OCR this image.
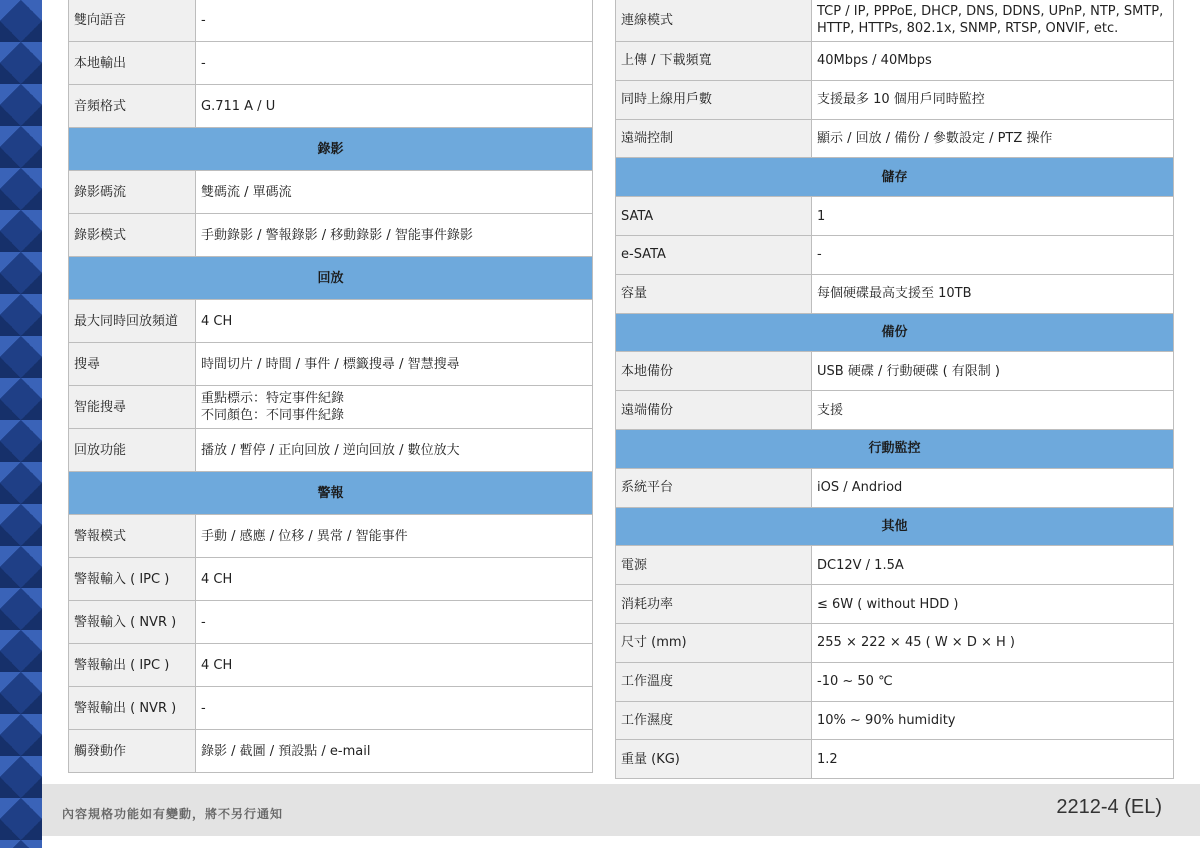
雙向語音	-

本地輸出	-

音頻格式	G.711 A / U

錄影	
錄影碼流	雙碼流 / 單碼流

錄影模式	手動錄影 / 警報錄影 / 移動錄影 / 智能事件錄影

回放	
最大同時回放頻道	4 CH

搜尋	時間切片 / 時間 / 事件 / 標籤搜尋 / 智慧搜尋

智能搜尋	重點標示：特定事件紀錄
不同顏色：不同事件紀錄

回放功能	播放 / 暫停 / 正向回放 / 逆向回放 / 數位放大

警報	
警報模式	手動 / 感應 / 位移 / 異常 / 智能事件

警報輸入 ( IPC )	4 CH

警報輸入 ( NVR )	-

警報輸出 ( IPC )	4 CH

警報輸出 ( NVR )	-

觸發動作	錄影 / 截圖 / 預設點 / e-mail
連線模式	TCP / IP, PPPoE, DHCP, DNS, DDNS, UPnP, NTP, SMTP,
HTTP, HTTPs, 802.1x, SNMP, RTSP, ONVIF, etc.

上傳 / 下載頻寬	40Mbps / 40Mbps

同時上線用戶數	支援最多 10 個用戶同時監控

遠端控制	顯示 / 回放 / 備份 / 參數設定 / PTZ 操作

儲存	
SATA	1

e-SATA	-

容量	每個硬碟最高支援至 10TB

備份	
本地備份	USB 硬碟 / 行動硬碟 ( 有限制 )

遠端備份	支援

行動監控	
系統平台	iOS / Andriod

其他	
電源	DC12V / 1.5A

消耗功率	≤ 6W ( without HDD )

尺寸 (mm)	255 × 222 × 45 ( W × D × H )

工作溫度	-10 ~ 50 ℃

工作濕度	10% ~ 90% humidity

重量 (KG)	1.2
內容規格功能如有變動，將不另行通知	2212-4 (EL)
